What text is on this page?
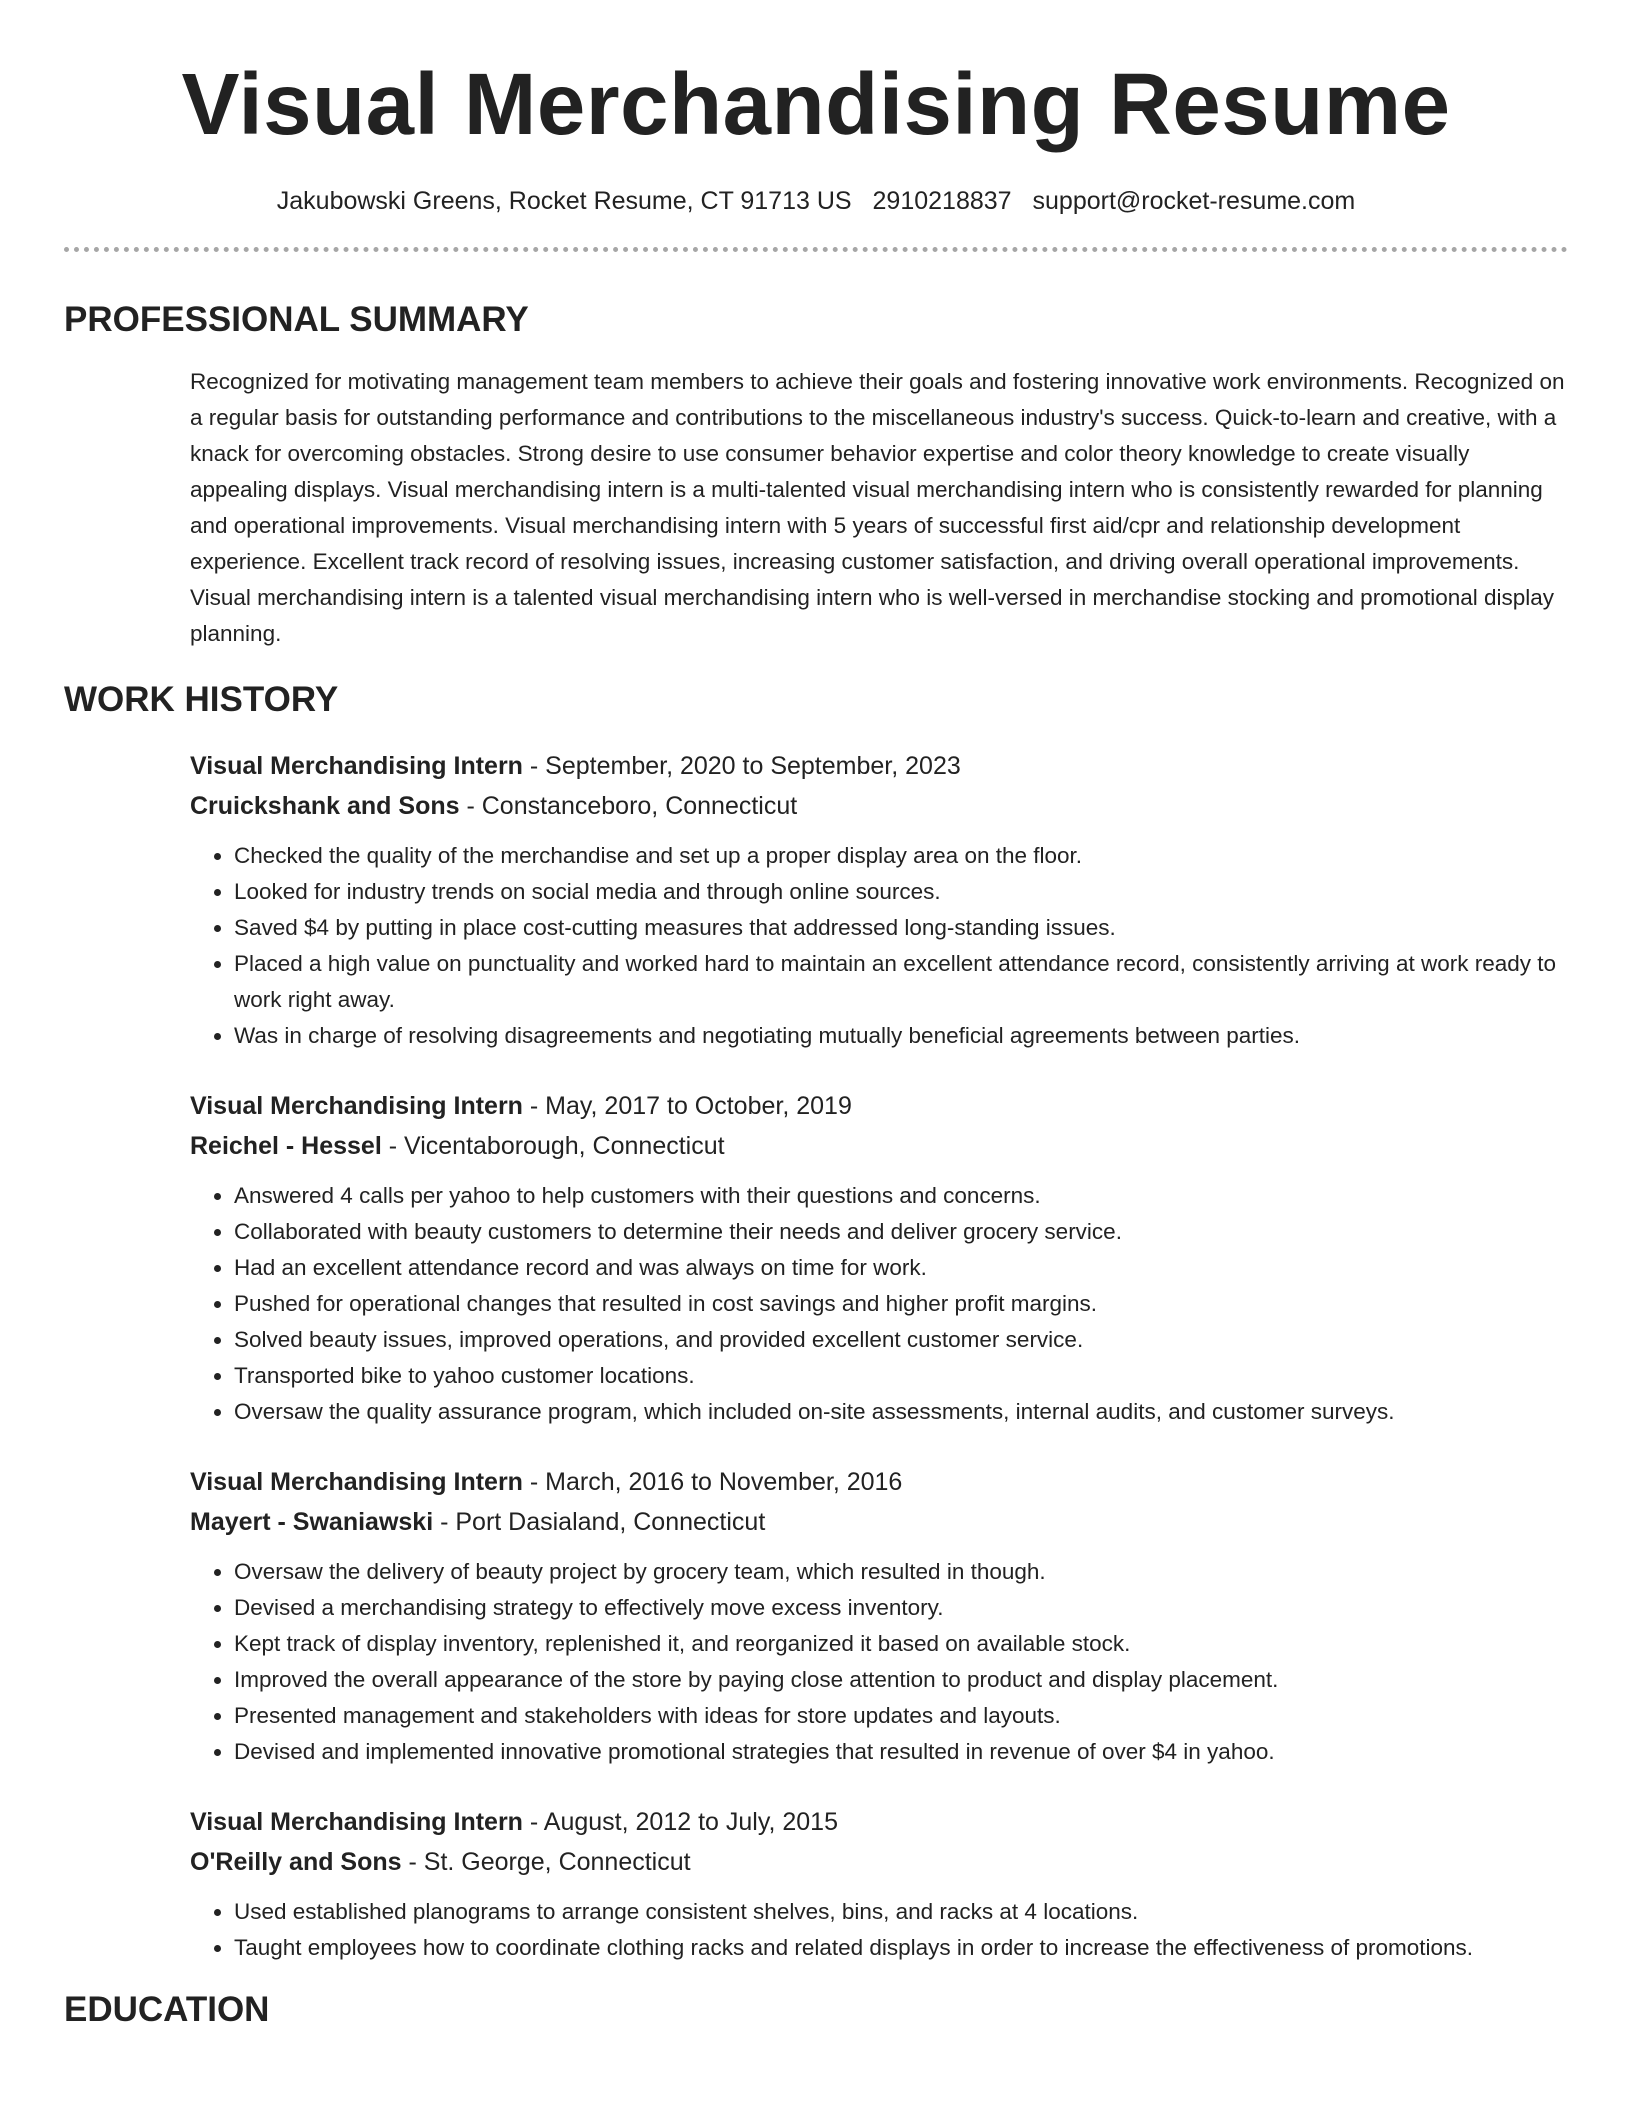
Visual Merchandising Resume
Jakubowski Greens, Rocket Resume, CT 91713 US 2910218837 support@rocket-resume.com
PROFESSIONAL SUMMARY
Recognized for motivating management team members to achieve their goals and fostering innovative work environments. Recognized on a regular basis for outstanding performance and contributions to the miscellaneous industry's success. Quick-to-learn and creative, with a knack for overcoming obstacles. Strong desire to use consumer behavior expertise and color theory knowledge to create visually appealing displays. Visual merchandising intern is a multi-talented visual merchandising intern who is consistently rewarded for planning and operational improvements. Visual merchandising intern with 5 years of successful first aid/cpr and relationship development experience. Excellent track record of resolving issues, increasing customer satisfaction, and driving overall operational improvements. Visual merchandising intern is a talented visual merchandising intern who is well-versed in merchandise stocking and promotional display planning.
WORK HISTORY
Visual Merchandising Intern - September, 2020 to September, 2023
Cruickshank and Sons - Constanceboro, Connecticut
• Checked the quality of the merchandise and set up a proper display area on the floor.
• Looked for industry trends on social media and through online sources.
• Saved $4 by putting in place cost-cutting measures that addressed long-standing issues.
• Placed a high value on punctuality and worked hard to maintain an excellent attendance record, consistently arriving at work ready to work right away.
• Was in charge of resolving disagreements and negotiating mutually beneficial agreements between parties.
Visual Merchandising Intern - May, 2017 to October, 2019
Reichel - Hessel - Vicentaborough, Connecticut
• Answered 4 calls per yahoo to help customers with their questions and concerns.
• Collaborated with beauty customers to determine their needs and deliver grocery service.
• Had an excellent attendance record and was always on time for work.
• Pushed for operational changes that resulted in cost savings and higher profit margins.
• Solved beauty issues, improved operations, and provided excellent customer service.
• Transported bike to yahoo customer locations.
• Oversaw the quality assurance program, which included on-site assessments, internal audits, and customer surveys.
Visual Merchandising Intern - March, 2016 to November, 2016
Mayert - Swaniawski - Port Dasialand, Connecticut
• Oversaw the delivery of beauty project by grocery team, which resulted in though.
• Devised a merchandising strategy to effectively move excess inventory.
• Kept track of display inventory, replenished it, and reorganized it based on available stock.
• Improved the overall appearance of the store by paying close attention to product and display placement.
• Presented management and stakeholders with ideas for store updates and layouts.
• Devised and implemented innovative promotional strategies that resulted in revenue of over $4 in yahoo.
Visual Merchandising Intern - August, 2012 to July, 2015
O'Reilly and Sons - St. George, Connecticut
• Used established planograms to arrange consistent shelves, bins, and racks at 4 locations.
• Taught employees how to coordinate clothing racks and related displays in order to increase the effectiveness of promotions.
EDUCATION
